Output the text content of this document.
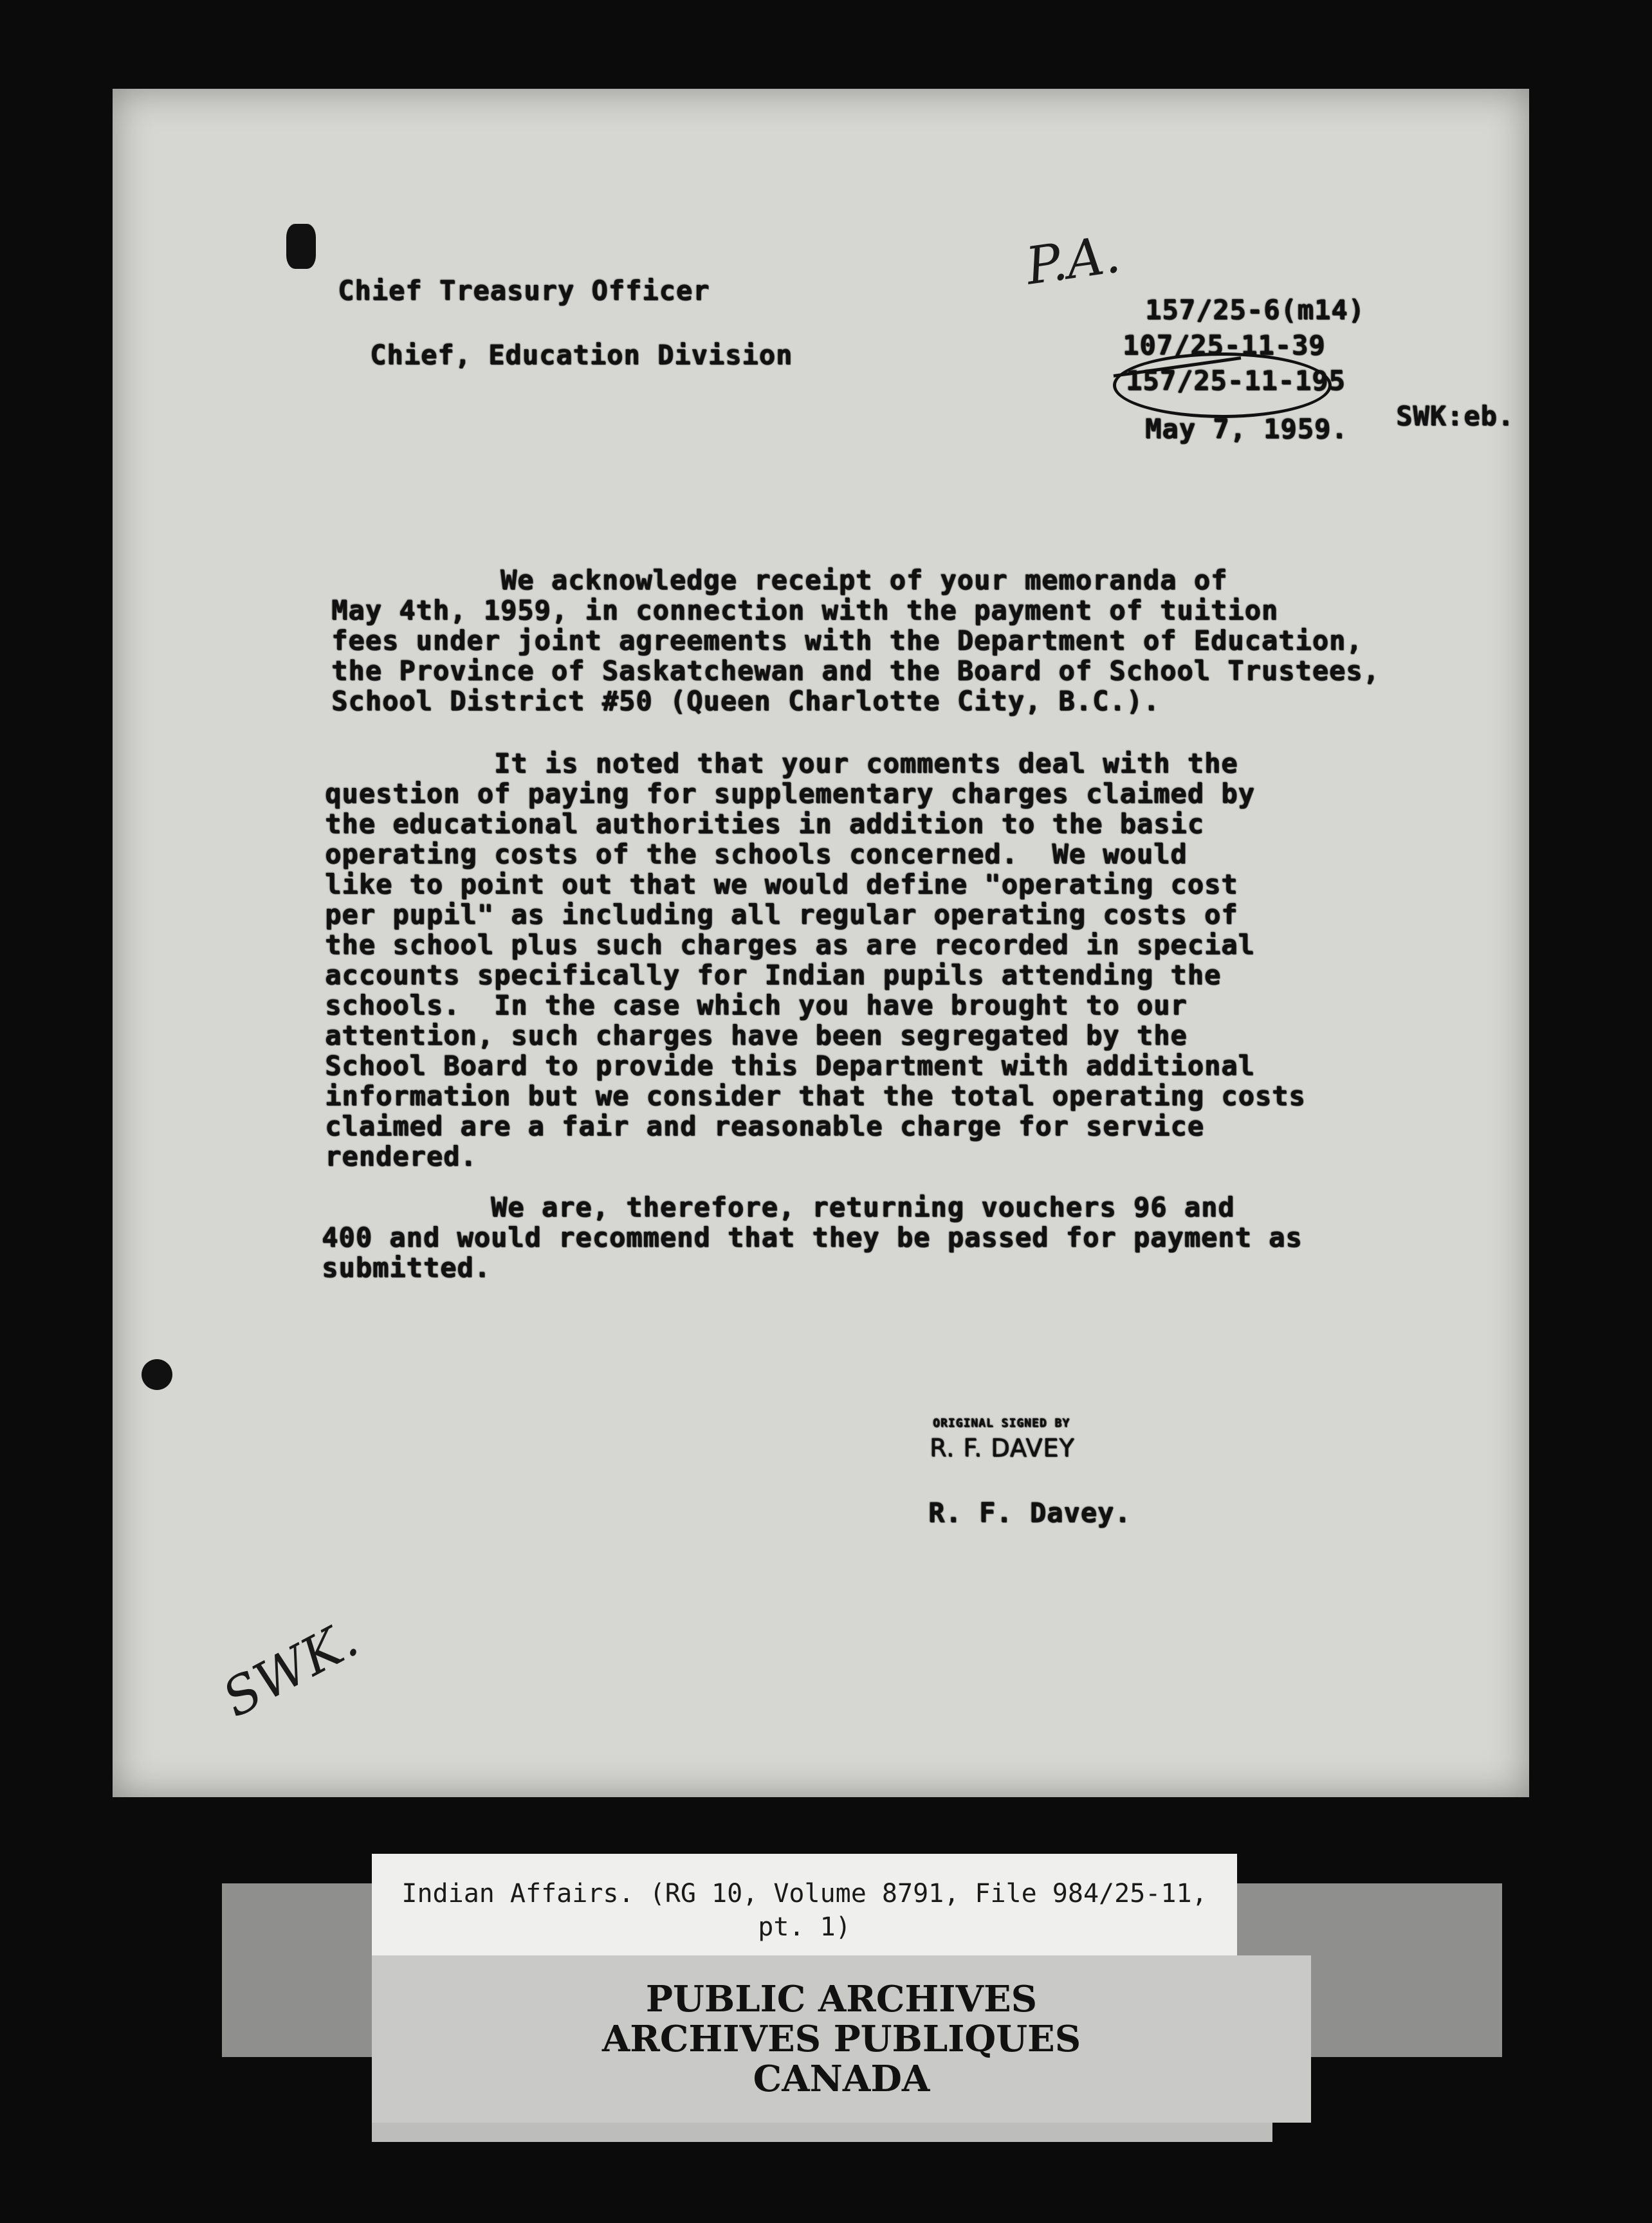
Chief Treasury Officer

Chief, Education Division

P.A.

157/25-6(m14)

107/25-11-39

157/25-11-195

May 7, 1959. SWK:eb.

We acknowledge receipt of your memoranda of
May 4th, 1959, in connection with the payment of tuition
fees under joint agreements with the Department of Education,
the Province of Saskatchewan and the Board of School Trustees,
School District #50 (Queen Charlotte City, B.C.).

It is noted that your comments deal with the
question of paying for supplementary charges claimed by
the educational authorities in addition to the basic
operating costs of the schools concerned.  We would
like to point out that we would define "operating cost
per pupil" as including all regular operating costs of
the school plus such charges as are recorded in special
accounts specifically for Indian pupils attending the
schools.  In the case which you have brought to our
attention, such charges have been segregated by the
School Board to provide this Department with additional
information but we consider that the total operating costs
claimed are a fair and reasonable charge for service
rendered.

We are, therefore, returning vouchers 96 and
400 and would recommend that they be passed for payment as
submitted.

ORIGINAL SIGNED BY

R. F. DAVEY

R. F. Davey.

SWK.

Indian Affairs. (RG 10, Volume 8791, File 984/25-11,
pt. 1)
PUBLIC ARCHIVES
ARCHIVES PUBLIQUES
CANADA
